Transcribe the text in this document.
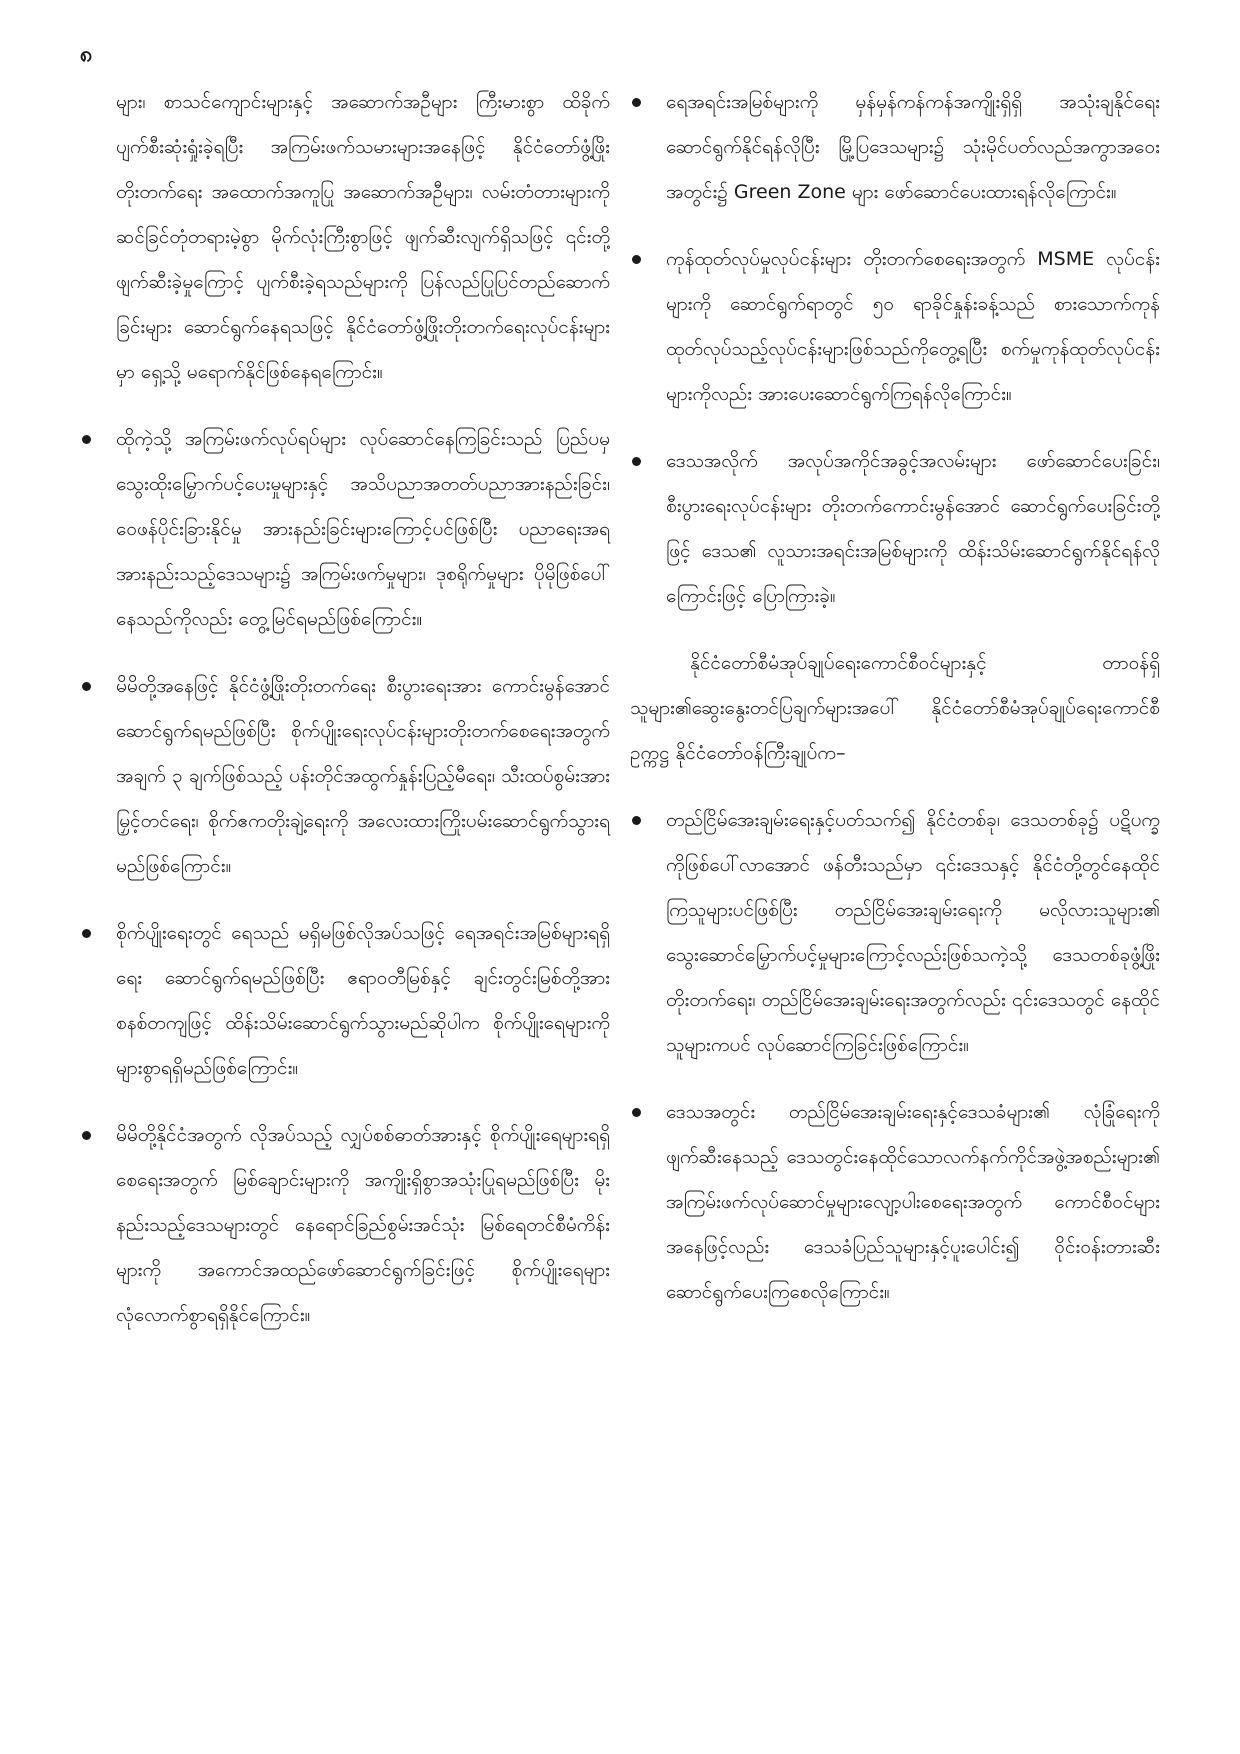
၈

များ၊ စာသင်ကျောင်းများနှင့် အဆောက်အဦများ ကြီးမားစွာ ထိခိုက်ပျက်စီးဆုံးရှုံးခဲ့ရပြီး အကြမ်းဖက်သမားများအနေဖြင့် နိုင်ငံတော်ဖွံ့ဖြိုးတိုးတက်ရေး အထောက်အကူပြု အဆောက်အဦများ၊ လမ်းတံတားများကို ဆင်ခြင်တုံတရားမဲ့စွာ မိုက်လုံးကြီးစွာဖြင့် ဖျက်ဆီးလျက်ရှိသဖြင့် ၎င်းတို့ဖျက်ဆီးခဲ့မှုကြောင့် ပျက်စီးခဲ့ရသည်များကို ပြန်လည်ပြုပြင်တည်ဆောက်ခြင်းများ ဆောင်ရွက်နေရသဖြင့် နိုင်ငံတော်ဖွံ့ဖြိုးတိုးတက်ရေးလုပ်ငန်းများမှာ ရှေ့သို့ မရောက်နိုင်ဖြစ်နေရကြောင်း။

ထိုကဲ့သို့ အကြမ်းဖက်လုပ်ရပ်များ လုပ်ဆောင်နေကြခြင်းသည် ပြည်ပမှ သွေးထိုးမြှောက်ပင့်ပေးမှုများနှင့် အသိပညာအတတ်ပညာအားနည်းခြင်း၊ ဝေဖန်ပိုင်းခြားနိုင်မှု အားနည်းခြင်းများကြောင့်ပင်ဖြစ်ပြီး ပညာရေးအရ အားနည်းသည့်ဒေသများ၌ အကြမ်းဖက်မှုများ၊ ဒုစရိုက်မှုများ ပိုမိုဖြစ်ပေါ်နေသည်ကိုလည်း တွေ့မြင်ရမည်ဖြစ်ကြောင်း။

မိမိတို့အနေဖြင့် နိုင်ငံဖွံ့ဖြိုးတိုးတက်ရေး စီးပွားရေးအား ကောင်းမွန်အောင် ဆောင်ရွက်ရမည်ဖြစ်ပြီး စိုက်ပျိုးရေးလုပ်ငန်းများတိုးတက်စေရေးအတွက် အချက် ၃ ချက်ဖြစ်သည့် ပန်းတိုင်အထွက်နှုန်းပြည့်မီရေး၊ သီးထပ်စွမ်းအားမြှင့်တင်ရေး၊ စိုက်ဧကတိုးချဲ့ရေးကို အလေးထားကြိုးပမ်းဆောင်ရွက်သွားရမည်ဖြစ်ကြောင်း။

စိုက်ပျိုးရေးတွင် ရေသည် မရှိမဖြစ်လိုအပ်သဖြင့် ရေအရင်းအမြစ်များရရှိရေး ဆောင်ရွက်ရမည်ဖြစ်ပြီး ဧရာဝတီမြစ်နှင့် ချင်းတွင်းမြစ်တို့အား စနစ်တကျဖြင့် ထိန်းသိမ်းဆောင်ရွက်သွားမည်ဆိုပါက စိုက်ပျိုးရေများကို များစွာရရှိမည်ဖြစ်ကြောင်း။

မိမိတို့နိုင်ငံအတွက် လိုအပ်သည့် လျှပ်စစ်ဓာတ်အားနှင့် စိုက်ပျိုးရေများရရှိစေရေးအတွက် မြစ်ချောင်းများကို အကျိုးရှိစွာအသုံးပြုရမည်ဖြစ်ပြီး မိုးနည်းသည့်ဒေသများတွင် နေရောင်ခြည်စွမ်းအင်သုံး မြစ်ရေတင်စီမံကိန်းများကို အကောင်အထည်ဖော်ဆောင်ရွက်ခြင်းဖြင့် စိုက်ပျိုးရေများ လုံလောက်စွာရရှိနိုင်ကြောင်း။

ရေအရင်းအမြစ်များကို မှန်မှန်ကန်ကန်အကျိုးရှိရှိ အသုံးချနိုင်ရေး ဆောင်ရွက်နိုင်ရန်လိုပြီး မြို့ပြဒေသများ၌ သုံးမိုင်ပတ်လည်အကွာအဝေးအတွင်း၌ Green Zone များ ဖော်ဆောင်ပေးထားရန်လိုကြောင်း။

ကုန်ထုတ်လုပ်မှုလုပ်ငန်းများ တိုးတက်စေရေးအတွက် MSME လုပ်ငန်းများကို ဆောင်ရွက်ရာတွင် ၅၀ ရာခိုင်နှုန်းခန့်သည် စားသောက်ကုန်ထုတ်လုပ်သည့်လုပ်ငန်းများဖြစ်သည်ကိုတွေ့ရပြီး စက်မှုကုန်ထုတ်လုပ်ငန်းများကိုလည်း အားပေးဆောင်ရွက်ကြရန်လိုကြောင်း။

ဒေသအလိုက် အလုပ်အကိုင်အခွင့်အလမ်းများ ဖော်ဆောင်ပေးခြင်း၊ စီးပွားရေးလုပ်ငန်းများ တိုးတက်ကောင်းမွန်အောင် ဆောင်ရွက်ပေးခြင်းတို့ဖြင့် ဒေသ၏ လူသားအရင်းအမြစ်များကို ထိန်းသိမ်းဆောင်ရွက်နိုင်ရန်လိုကြောင်းဖြင့် ပြောကြားခဲ့။

နိုင်ငံတော်စီမံအုပ်ချုပ်ရေးကောင်စီဝင်များနှင့် တာဝန်ရှိသူများ၏ဆွေးနွေးတင်ပြချက်များအပေါ် နိုင်ငံတော်စီမံအုပ်ချုပ်ရေးကောင်စီဥက္ကဋ္ဌ နိုင်ငံတော်ဝန်ကြီးချုပ်က–

တည်ငြိမ်အေးချမ်းရေးနှင့်ပတ်သက်၍ နိုင်ငံတစ်ခု၊ ဒေသတစ်ခု၌ ပဋိပက္ခကိုဖြစ်ပေါ်လာအောင် ဖန်တီးသည်မှာ ၎င်းဒေသနှင့် နိုင်ငံတို့တွင်နေထိုင်ကြသူများပင်ဖြစ်ပြီး တည်ငြိမ်အေးချမ်းရေးကို မလိုလားသူများ၏ သွေးဆောင်မြှောက်ပင့်မှုများကြောင့်လည်းဖြစ်သကဲ့သို့ ဒေသတစ်ခုဖွံ့ဖြိုးတိုးတက်ရေး၊ တည်ငြိမ်အေးချမ်းရေးအတွက်လည်း ၎င်းဒေသတွင် နေထိုင်သူများကပင် လုပ်ဆောင်ကြခြင်းဖြစ်ကြောင်း။

ဒေသအတွင်း တည်ငြိမ်အေးချမ်းရေးနှင့်ဒေသခံများ၏ လုံခြုံရေးကိုဖျက်ဆီးနေသည့် ဒေသတွင်းနေထိုင်သောလက်နက်ကိုင်အဖွဲ့အစည်းများ၏ အကြမ်းဖက်လုပ်ဆောင်မှုများလျော့ပါးစေရေးအတွက် ကောင်စီဝင်များအနေဖြင့်လည်း ဒေသခံပြည်သူများနှင့်ပူးပေါင်း၍ ဝိုင်းဝန်းတားဆီးဆောင်ရွက်ပေးကြစေလိုကြောင်း။
